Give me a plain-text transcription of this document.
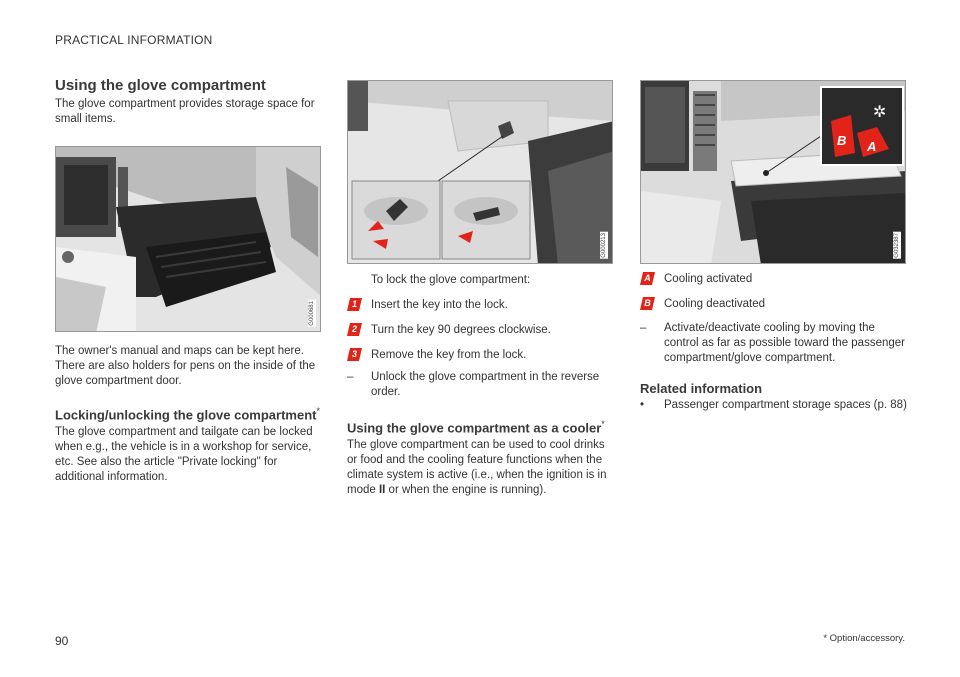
PRACTICAL INFORMATION
Using the glove compartment

The glove compartment provides storage space for small items.

G000681

The owner's manual and maps can be kept here. There are also holders for pens on the inside of the glove compartment door.

Locking/unlocking the glove compartment*

The glove compartment and tailgate can be locked when e.g., the vehicle is in a workshop for service, etc. See also the article "Private locking" for additional information.

G000213

To lock the glove compartment:

1	Insert the key into the lock.
2	Turn the key 90 degrees clockwise.
3	Remove the key from the lock.
–	Unlock the glove compartment in the reverse order.
Using the glove compartment as a cooler*

The glove compartment can be used to cool drinks or food and the cooling feature functions when the climate system is active (i.e., when the ignition is in mode II or when the engine is running).

✲
B A
G032387
A	Cooling activated
B	Cooling deactivated
–	Activate/deactivate cooling by moving the control as far as possible toward the passenger compartment/glove compartment.
Related information
•	Passenger compartment storage spaces (p. 88)
90	* Option/accessory.
